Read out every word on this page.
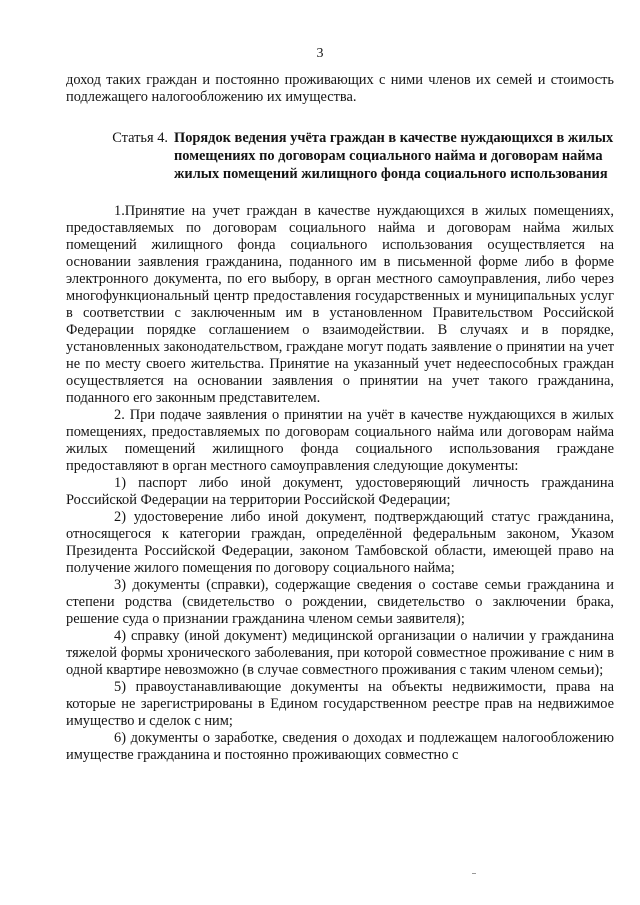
3

доход таких граждан и постоянно проживающих с ними членов их семей и стоимость подлежащего налогообложению их имущества.

Статья 4. Порядок ведения учёта граждан в качестве нуждающихся в жилых помещениях по договорам социального найма и договорам найма жилых помещений жилищного фонда социального использования

1.Принятие на учет граждан в качестве нуждающихся в жилых помещениях, предоставляемых по договорам социального найма и договорам найма жилых помещений жилищного фонда социального использования осуществляется на основании заявления гражданина, поданного им в письменной форме либо в форме электронного документа, по его выбору, в орган местного самоуправления, либо через многофункциональный центр предоставления государственных и муниципальных услуг в соответствии с заключенным им в установленном Правительством Российской Федерации порядке соглашением о взаимодействии. В случаях и в порядке, установленных законодательством, граждане могут подать заявление о принятии на учет не по месту своего жительства. Принятие на указанный учет недееспособных граждан осуществляется на основании заявления о принятии на учет такого гражданина, поданного его законным представителем.

2. При подаче заявления о принятии на учёт в качестве нуждающихся в жилых помещениях, предоставляемых по договорам социального найма или договорам найма жилых помещений жилищного фонда социального использования граждане предоставляют в орган местного самоуправления следующие документы:

1) паспорт либо иной документ, удостоверяющий личность гражданина Российской Федерации на территории Российской Федерации;

2) удостоверение либо иной документ, подтверждающий статус гражданина, относящегося к категории граждан, определённой федеральным законом, Указом Президента Российской Федерации, законом Тамбовской области, имеющей право на получение жилого помещения по договору социального найма;

3) документы (справки), содержащие сведения о составе семьи гражданина и степени родства (свидетельство о рождении, свидетельство о заключении брака, решение суда о признании гражданина членом семьи заявителя);

4) справку (иной документ) медицинской организации о наличии у гражданина тяжелой формы хронического заболевания, при которой совместное проживание с ним в одной квартире невозможно (в случае совместного проживания с таким членом семьи);

5) правоустанавливающие документы на объекты недвижимости, права на которые не зарегистрированы в Едином государственном реестре прав на недвижимое имущество и сделок с ним;

6) документы о заработке, сведения о доходах и подлежащем налогообложению имуществе гражданина и постоянно проживающих совместно с
